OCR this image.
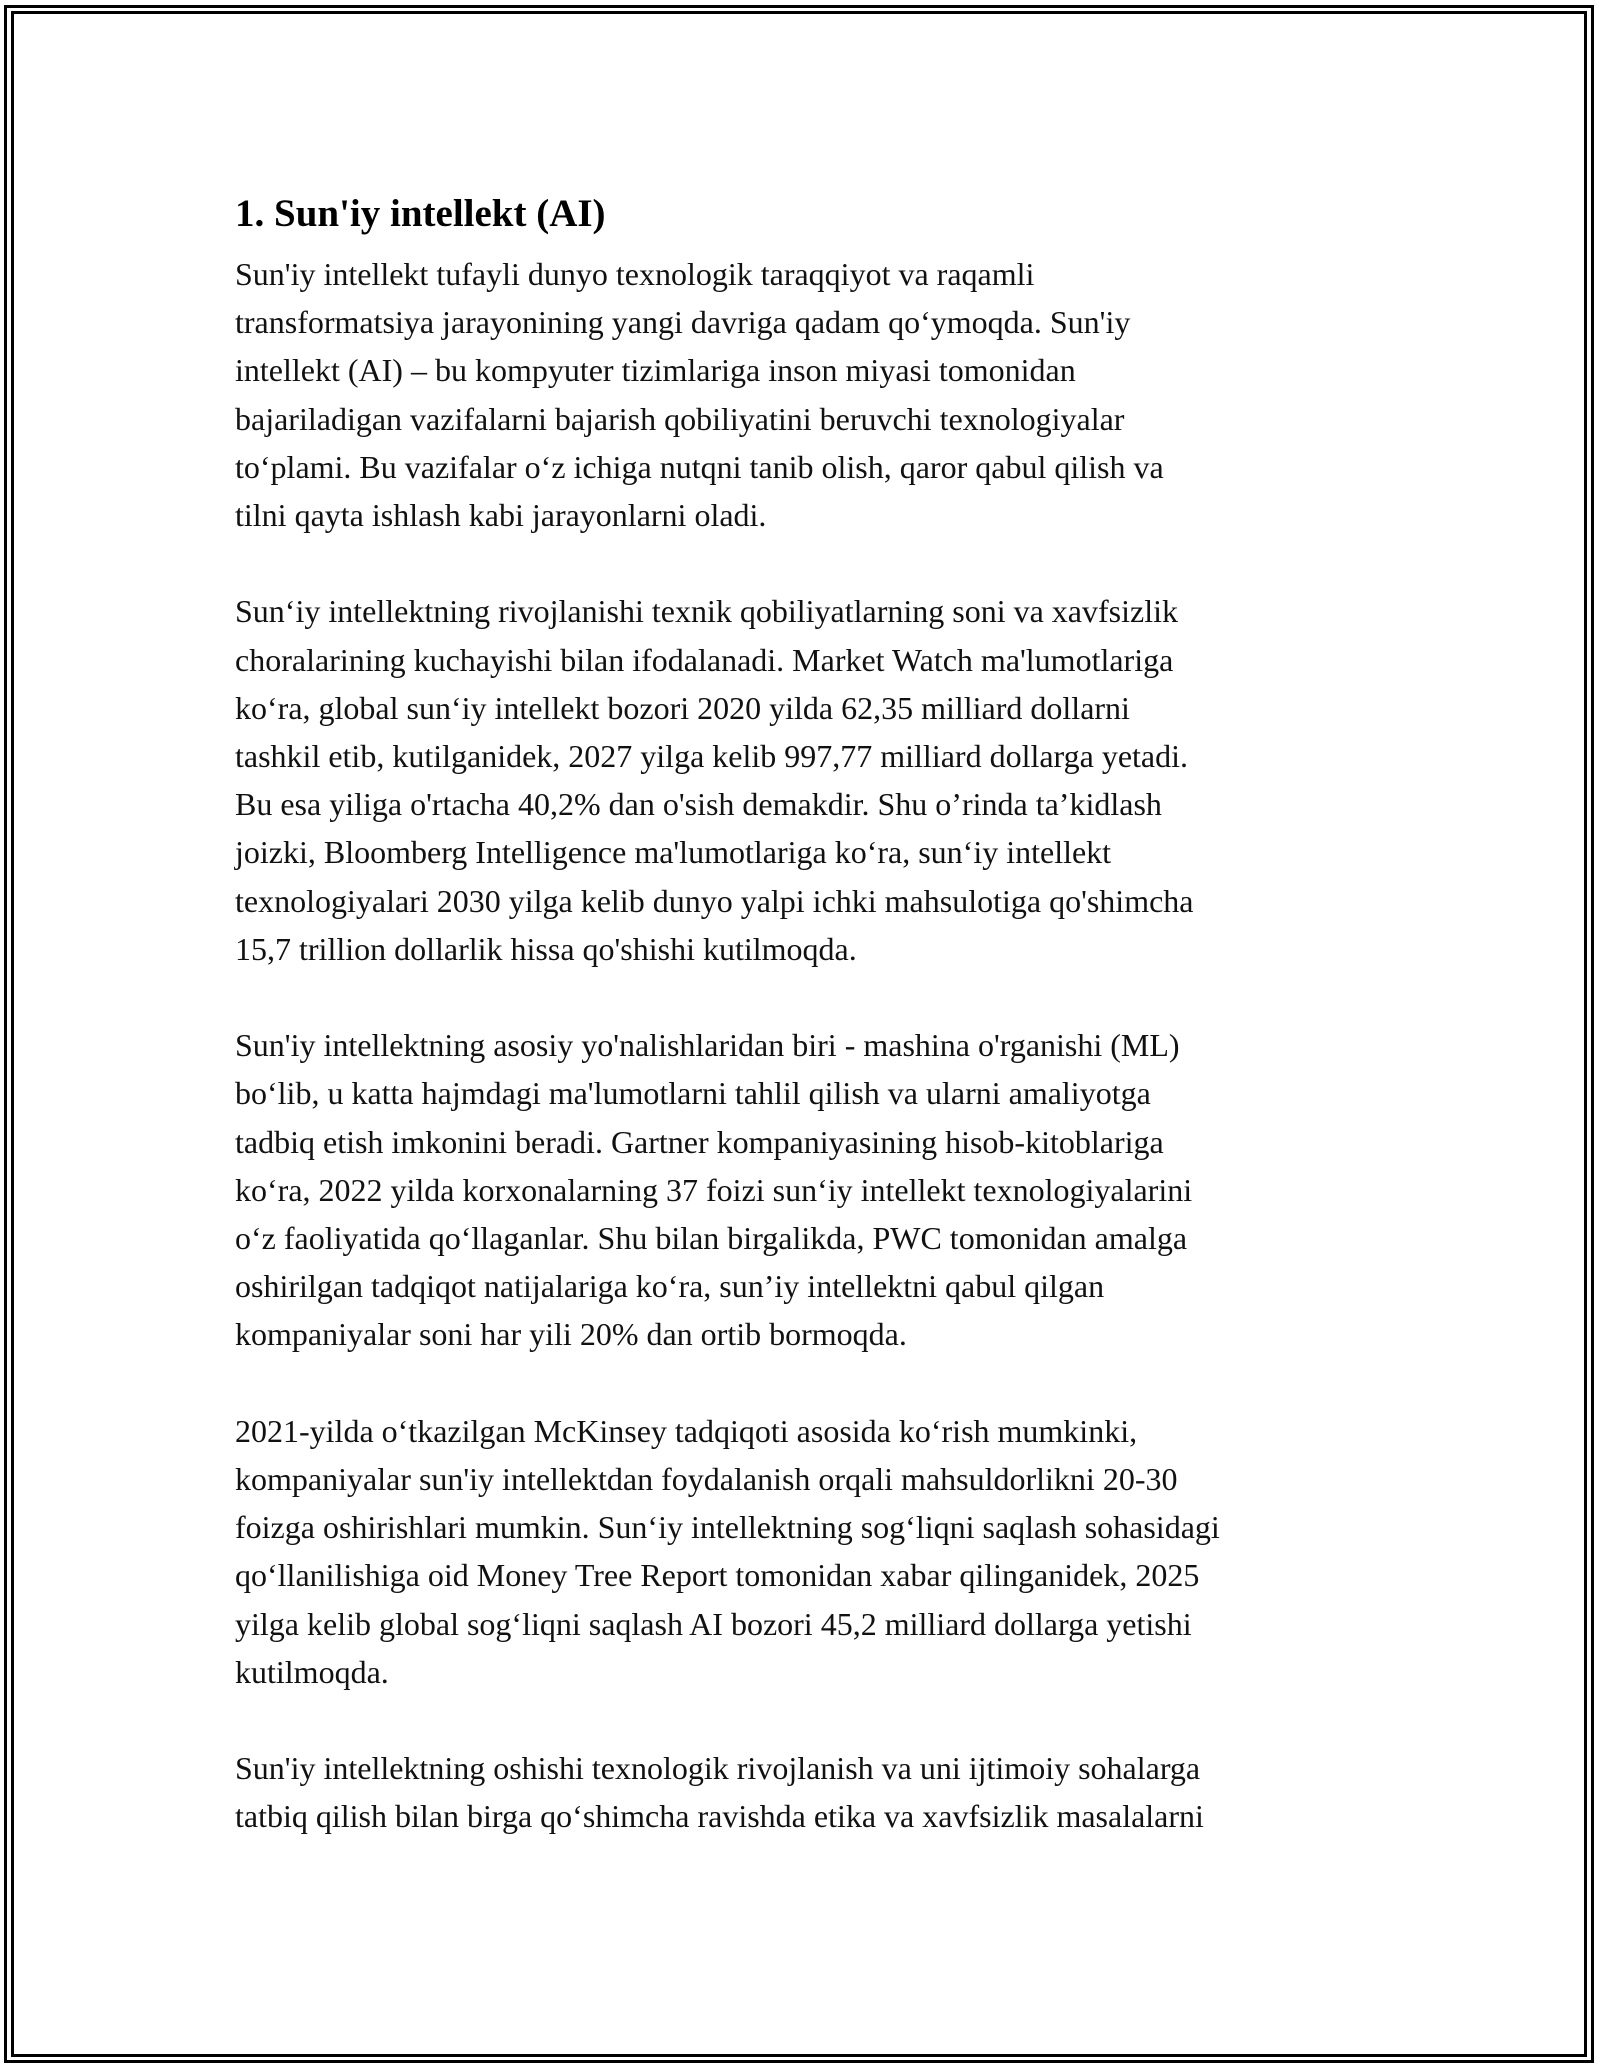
1. Sun'iy intellekt (AI)

Sun'iy intellekt tufayli dunyo texnologik taraqqiyot va raqamli
transformatsiya jarayonining yangi davriga qadam qo‘ymoqda. Sun'iy
intellekt (AI) – bu kompyuter tizimlariga inson miyasi tomonidan
bajariladigan vazifalarni bajarish qobiliyatini beruvchi texnologiyalar
to‘plami. Bu vazifalar o‘z ichiga nutqni tanib olish, qaror qabul qilish va
tilni qayta ishlash kabi jarayonlarni oladi.

Sun‘iy intellektning rivojlanishi texnik qobiliyatlarning soni va xavfsizlik
choralarining kuchayishi bilan ifodalanadi. Market Watch ma'lumotlariga
ko‘ra, global sun‘iy intellekt bozori 2020 yilda 62,35 milliard dollarni
tashkil etib, kutilganidek, 2027 yilga kelib 997,77 milliard dollarga yetadi.
Bu esa yiliga o'rtacha 40,2% dan o'sish demakdir. Shu o’rinda ta’kidlash
joizki, Bloomberg Intelligence ma'lumotlariga ko‘ra, sun‘iy intellekt
texnologiyalari 2030 yilga kelib dunyo yalpi ichki mahsulotiga qo'shimcha
15,7 trillion dollarlik hissa qo'shishi kutilmoqda.

Sun'iy intellektning asosiy yo'nalishlaridan biri - mashina o'rganishi (ML)
bo‘lib, u katta hajmdagi ma'lumotlarni tahlil qilish va ularni amaliyotga
tadbiq etish imkonini beradi. Gartner kompaniyasining hisob-kitoblariga
ko‘ra, 2022 yilda korxonalarning 37 foizi sun‘iy intellekt texnologiyalarini
o‘z faoliyatida qo‘llaganlar. Shu bilan birgalikda, PWC tomonidan amalga
oshirilgan tadqiqot natijalariga ko‘ra, sun’iy intellektni qabul qilgan
kompaniyalar soni har yili 20% dan ortib bormoqda.

2021-yilda o‘tkazilgan McKinsey tadqiqoti asosida ko‘rish mumkinki,
kompaniyalar sun'iy intellektdan foydalanish orqali mahsuldorlikni 20-30
foizga oshirishlari mumkin. Sun‘iy intellektning sog‘liqni saqlash sohasidagi
qo‘llanilishiga oid Money Tree Report tomonidan xabar qilinganidek, 2025
yilga kelib global sog‘liqni saqlash AI bozori 45,2 milliard dollarga yetishi
kutilmoqda.

Sun'iy intellektning oshishi texnologik rivojlanish va uni ijtimoiy sohalarga
tatbiq qilish bilan birga qo‘shimcha ravishda etika va xavfsizlik masalalarni
